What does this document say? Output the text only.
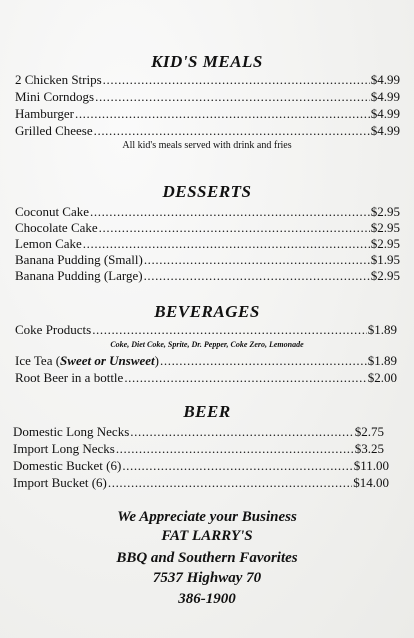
KID'S MEALS
2 Chicken Strips .....	$4.99
Mini Corndogs .....	$4.99
Hamburger .....	$4.99
Grilled Cheese .....	$4.99
All kid's meals served with drink and fries
DESSERTS
Coconut Cake .....	$2.95
Chocolate Cake .....	$2.95
Lemon Cake .....	$2.95
Banana Pudding (Small) .....	$1.95
Banana Pudding (Large) .....	$2.95
BEVERAGES
Coke Products .....	$1.89
Coke, Diet Coke, Sprite, Dr. Pepper, Coke Zero, Lemonade
Ice Tea (Sweet or Unsweet) .....	$1.89
Root Beer in a bottle .....	$2.00
BEER
Domestic Long Necks .....	$2.75
Import Long Necks .....	$3.25
Domestic Bucket (6) .....	$11.00
Import Bucket (6) .....	$14.00
We Appreciate your Business
FAT LARRY'S
BBQ and Southern Favorites
7537 Highway 70
386-1900
